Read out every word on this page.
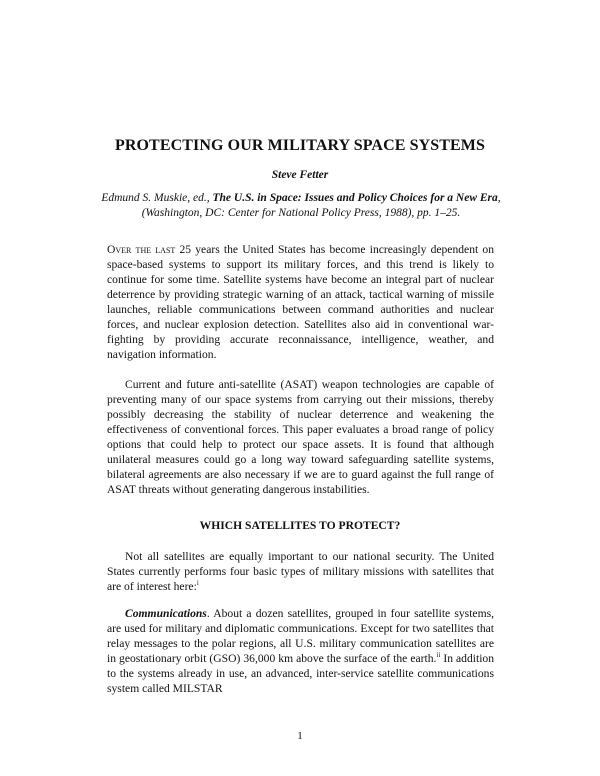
PROTECTING OUR MILITARY SPACE SYSTEMS
Steve Fetter
Edmund S. Muskie, ed., The U.S. in Space: Issues and Policy Choices for a New Era, (Washington, DC: Center for National Policy Press, 1988), pp. 1–25.

Over the last 25 years the United States has become increasingly dependent on space-based systems to support its military forces, and this trend is likely to continue for some time. Satellite systems have become an integral part of nuclear deterrence by providing strategic warning of an attack, tactical warning of missile launches, reliable communications between command authorities and nuclear forces, and nuclear explosion detection. Satellites also aid in conventional war-fighting by providing accurate reconnaissance, intelligence, weather, and navigation information.

Current and future anti-satellite (ASAT) weapon technologies are capable of preventing many of our space systems from carrying out their missions, thereby possibly decreasing the stability of nuclear deterrence and weakening the effectiveness of conventional forces. This paper evaluates a broad range of policy options that could help to protect our space assets. It is found that although unilateral measures could go a long way toward safeguarding satellite systems, bilateral agreements are also necessary if we are to guard against the full range of ASAT threats without generating dangerous instabilities.

WHICH SATELLITES TO PROTECT?

Not all satellites are equally important to our national security. The United States currently performs four basic types of military missions with satellites that are of interest here:$^i$

Communications. About a dozen satellites, grouped in four satellite systems, are used for military and diplomatic communications. Except for two satellites that relay messages to the polar regions, all U.S. military communication satellites are in geostationary orbit (GSO) 36,000 km above the surface of the earth.$^{ii}$ In addition to the systems already in use, an advanced, inter-service satellite communications system called MILSTAR

1
